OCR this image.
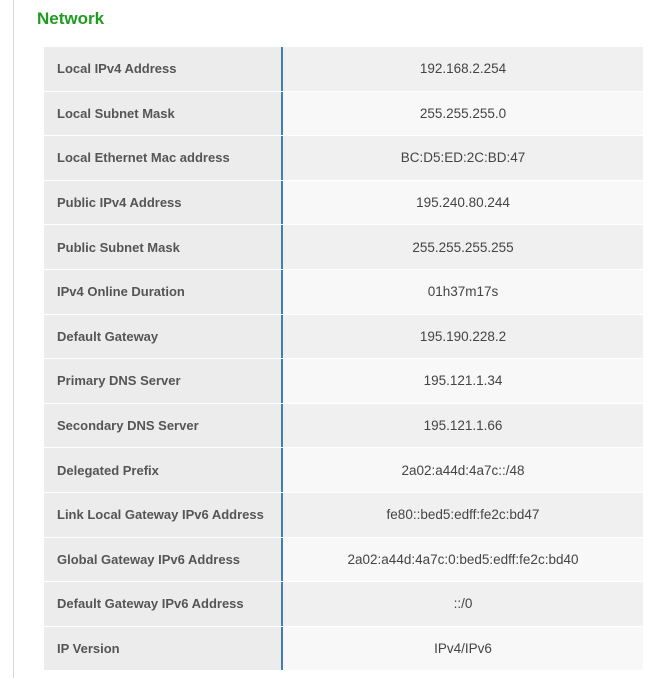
Network
Local IPv4 Address	192.168.2.254
Local Subnet Mask	255.255.255.0
Local Ethernet Mac address	BC:D5:ED:2C:BD:47
Public IPv4 Address	195.240.80.244
Public Subnet Mask	255.255.255.255
IPv4 Online Duration	01h37m17s
Default Gateway	195.190.228.2
Primary DNS Server	195.121.1.34
Secondary DNS Server	195.121.1.66
Delegated Prefix	2a02:a44d:4a7c::/48
Link Local Gateway IPv6 Address	fe80::bed5:edff:fe2c:bd47
Global Gateway IPv6 Address	2a02:a44d:4a7c:0:bed5:edff:fe2c:bd40
Default Gateway IPv6 Address	::/0
IP Version	IPv4/IPv6
